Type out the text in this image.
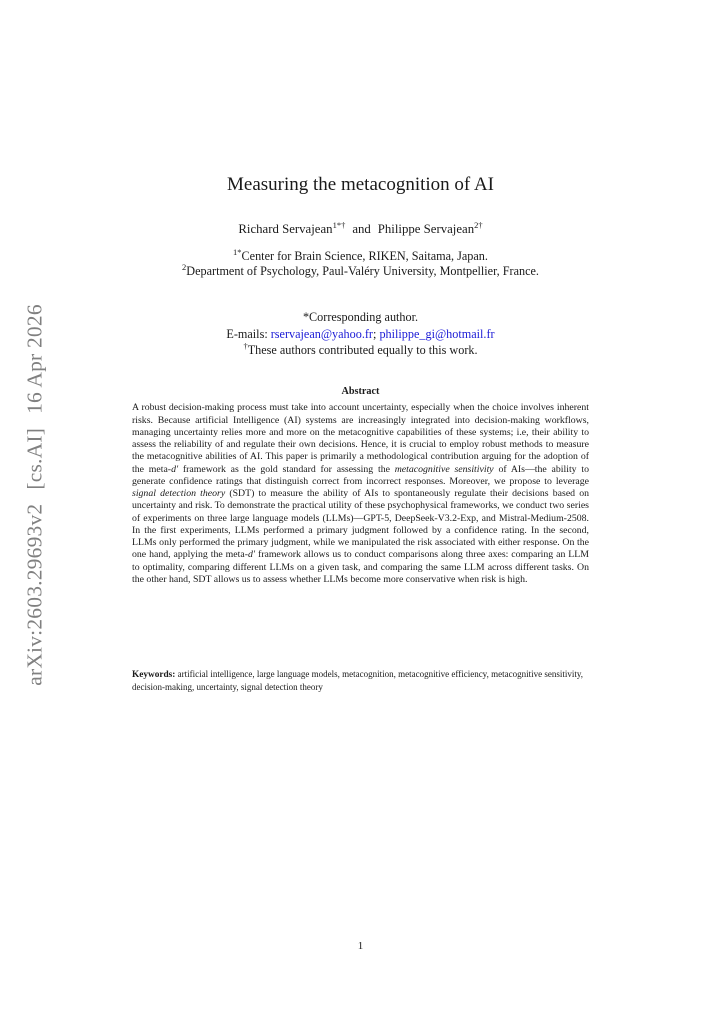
arXiv:2603.29693v2[cs.AI]16 Apr 2026
Measuring the metacognition of AI
Richard Servajean$^{1*\dagger}$ and Philippe Servajean$^{2\dagger}$
$^{1*}$Center for Brain Science, RIKEN, Saitama, Japan.
$^2$Department of Psychology, Paul-Valéry University, Montpellier, France.
*Corresponding author.
E-mails: rservajean@yahoo.fr; philippe_gi@hotmail.fr
†These authors contributed equally to this work.
Abstract

A robust decision-making process must take into account uncertainty, especially when the choice involves inherent risks. Because artificial Intelligence (AI) systems are increasingly integrated into decision-making workflows, managing uncertainty relies more and more on the metacognitive capabilities of these systems; i.e, their ability to assess the reliability of and regulate their own decisions. Hence, it is crucial to employ robust methods to measure the metacognitive abilities of AI. This paper is primarily a methodological contribution arguing for the adoption of the meta-d′ framework as the gold standard for assessing the metacognitive sensitivity of AIs—the ability to generate confidence ratings that distinguish correct from incorrect responses. Moreover, we propose to leverage signal detection theory (SDT) to measure the ability of AIs to spontaneously regulate their decisions based on uncertainty and risk. To demonstrate the practical utility of these psychophysical frameworks, we conduct two series of experiments on three large language models (LLMs)—GPT-5, DeepSeek-V3.2-Exp, and Mistral-Medium-2508. In the first experiments, LLMs performed a primary judgment followed by a confidence rating. In the second, LLMs only performed the primary judgment, while we manipulated the risk associated with either response. On the one hand, applying the meta-d′ framework allows us to conduct comparisons along three axes: comparing an LLM to optimality, comparing different LLMs on a given task, and comparing the same LLM across different tasks. On the other hand, SDT allows us to assess whether LLMs become more conservative when risk is high.

Keywords: artificial intelligence, large language models, metacognition, metacognitive efficiency, metacognitive sensitivity, decision-making, uncertainty, signal detection theory
1
